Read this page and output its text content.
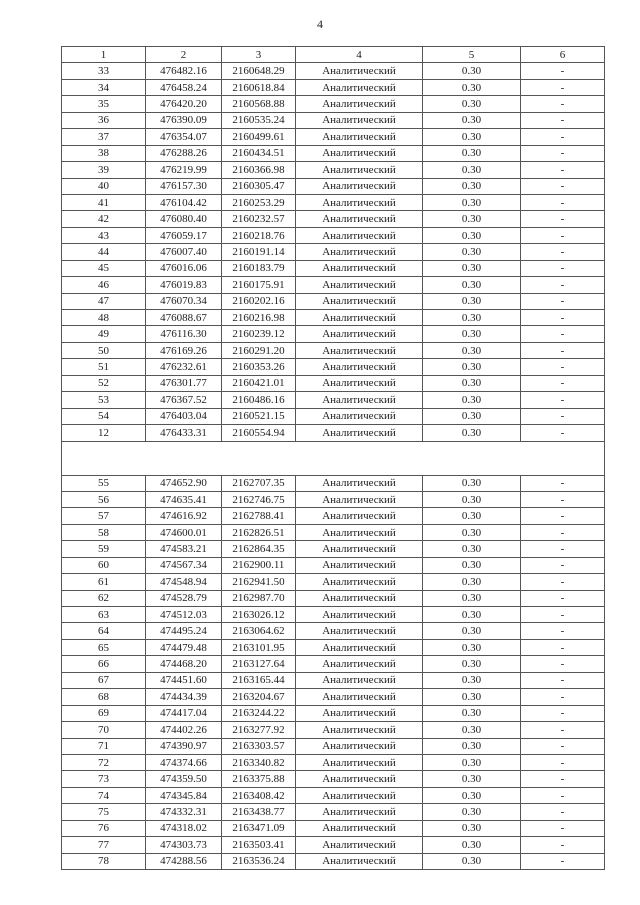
4
1	2	3	4	5	6
33	476482.16	2160648.29	Аналитический	0.30	-
34	476458.24	2160618.84	Аналитический	0.30	-
35	476420.20	2160568.88	Аналитический	0.30	-
36	476390.09	2160535.24	Аналитический	0.30	-
37	476354.07	2160499.61	Аналитический	0.30	-
38	476288.26	2160434.51	Аналитический	0.30	-
39	476219.99	2160366.98	Аналитический	0.30	-
40	476157.30	2160305.47	Аналитический	0.30	-
41	476104.42	2160253.29	Аналитический	0.30	-
42	476080.40	2160232.57	Аналитический	0.30	-
43	476059.17	2160218.76	Аналитический	0.30	-
44	476007.40	2160191.14	Аналитический	0.30	-
45	476016.06	2160183.79	Аналитический	0.30	-
46	476019.83	2160175.91	Аналитический	0.30	-
47	476070.34	2160202.16	Аналитический	0.30	-
48	476088.67	2160216.98	Аналитический	0.30	-
49	476116.30	2160239.12	Аналитический	0.30	-
50	476169.26	2160291.20	Аналитический	0.30	-
51	476232.61	2160353.26	Аналитический	0.30	-
52	476301.77	2160421.01	Аналитический	0.30	-
53	476367.52	2160486.16	Аналитический	0.30	-
54	476403.04	2160521.15	Аналитический	0.30	-
12	476433.31	2160554.94	Аналитический	0.30	-

55	474652.90	2162707.35	Аналитический	0.30	-
56	474635.41	2162746.75	Аналитический	0.30	-
57	474616.92	2162788.41	Аналитический	0.30	-
58	474600.01	2162826.51	Аналитический	0.30	-
59	474583.21	2162864.35	Аналитический	0.30	-
60	474567.34	2162900.11	Аналитический	0.30	-
61	474548.94	2162941.50	Аналитический	0.30	-
62	474528.79	2162987.70	Аналитический	0.30	-
63	474512.03	2163026.12	Аналитический	0.30	-
64	474495.24	2163064.62	Аналитический	0.30	-
65	474479.48	2163101.95	Аналитический	0.30	-
66	474468.20	2163127.64	Аналитический	0.30	-
67	474451.60	2163165.44	Аналитический	0.30	-
68	474434.39	2163204.67	Аналитический	0.30	-
69	474417.04	2163244.22	Аналитический	0.30	-
70	474402.26	2163277.92	Аналитический	0.30	-
71	474390.97	2163303.57	Аналитический	0.30	-
72	474374.66	2163340.82	Аналитический	0.30	-
73	474359.50	2163375.88	Аналитический	0.30	-
74	474345.84	2163408.42	Аналитический	0.30	-
75	474332.31	2163438.77	Аналитический	0.30	-
76	474318.02	2163471.09	Аналитический	0.30	-
77	474303.73	2163503.41	Аналитический	0.30	-
78	474288.56	2163536.24	Аналитический	0.30	-
